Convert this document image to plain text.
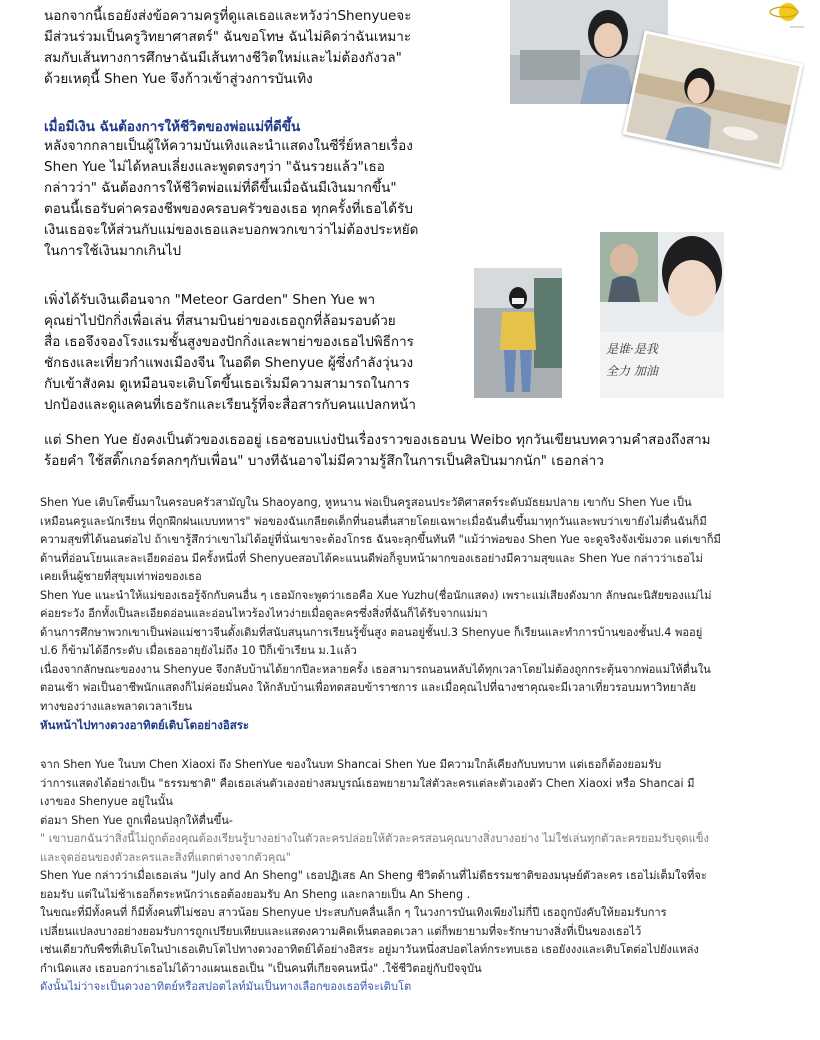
นอกจากนี้เธอยังส่งข้อความครูที่ดูแลเธอและหวังว่าShenyueจะ
มีส่วนร่วมเป็นครูวิทยาศาสตร์" ฉันขอโทษ ฉันไม่คิดว่าฉันเหมาะ
สมกับเส้นทางการศึกษาฉันมีเส้นทางชีวิตใหม่และไม่ต้องกังวล"
ด้วยเหตุนี้ Shen Yue จึงก้าวเข้าสู่วงการบันเทิง
เมื่อมีเงิน ฉันต้องการให้ชีวิตของพ่อแม่ที่ดีขึ้น
หลังจากกลายเป็นผู้ให้ความบันเทิงและนำแสดงในซีรี่ย์หลายเรื่อง
Shen Yue ไม่ได้หลบเลี่ยงและพูดตรงๆว่า "ฉันรวยแล้ว"เธอ
กล่าวว่า" ฉันต้องการให้ชีวิตพ่อแม่ที่ดีขึ้นเมื่อฉันมีเงินมากขึ้น"
ตอนนี้เธอรับค่าครองชีพของครอบครัวของเธอ ทุกครั้งที่เธอได้รับ
เงินเธอจะให้ส่วนกับแม่ของเธอและบอกพวกเขาว่าไม่ต้องประหยัด
ในการใช้เงินมากเกินไป
เพิ่งได้รับเงินเดือนจาก "Meteor Garden" Shen Yue พา
คุณย่าไปปักกิ่งเพื่อเล่น ที่สนามบินย่าของเธอถูกที่ล้อมรอบด้วย
สื่อ เธอจึงจองโรงแรมชั้นสูงของปักกิ่งและพาย่าของเธอไปพิธีการ
ชักธงและเที่ยวกำแพงเมืองจีน ในอดีต Shenyue ผู้ซึ่งกำลังวุ่นวง
กับเข้าสังคม ดูเหมือนจะเติบโตขึ้นเธอเริ่มมีความสามารถในการ
ปกป้องและดูแลคนที่เธอรักและเรียนรู้ที่จะสื่อสารกับคนแปลกหน้า
是谁·是我
全力 加油
แต่ Shen Yue ยังคงเป็นตัวของเธออยู่ เธอชอบแบ่งปันเรื่องราวของเธอบน Weibo ทุกวันเขียนบทความคำสองถึงสาม
ร้อยคำ ใช้สติ๊กเกอร์ตลกๆกับเพื่อน" บางทีฉันอาจไม่มีความรู้สึกในการเป็นศิลปินมากนัก" เธอกล่าว
Shen Yue เติบโตขึ้นมาในครอบครัวสามัญใน Shaoyang, หูหนาน พ่อเป็นครูสอนประวัติศาสตร์ระดับมัธยมปลาย เขากับ Shen Yue เป็น
เหมือนครูและนักเรียน ที่ถูกฝึกฝนแบบทหาร" พ่อของฉันเกลียดเด็กที่นอนตื่นสายโดยเฉพาะเมื่อฉันตื่นขึ้นมาทุกวันและพบว่าเขายังไม่ตื่นฉันก็มี
ความสุขที่ได้นอนต่อไป ถ้าเขารู้สึกว่าเขาไม่ได้อยู่ที่นั่นเขาจะต้องโกรธ ฉันจะลุกขึ้นทันที "แม้ว่าพ่อของ Shen Yue จะดูจริงจังเข้มงวด แต่เขาก็มี
ด้านที่อ่อนโยนและละเอียดอ่อน มีครั้งหนึ่งที่ Shenyueสอบได้คะแนนดีพ่อก็จูบหน้าผากของเธอย่างมีความสุขและ Shen Yue กล่าวว่าเธอไม่
เคยเห็นผู้ชายที่สุขุมเท่าพ่อของเธอ
Shen Yue แนะนำให้แม่ของเธอรู้จักกับคนอื่น ๆ เธอมักจะพูดว่าเธอคือ Xue Yuzhu(ชื่อนักแสดง) เพราะแม่เสียงดังมาก ลักษณะนิสัยของแม่ไม่
ค่อยระวัง อีกทั้งเป็นละเอียดอ่อนและอ่อนไหวร้องไหวง่ายเมื่อดูละครซึ่งสิ่งที่ฉันก็ได้รับจากแม่มา
ด้านการศึกษาพวกเขาเป็นพ่อแม่ชาวจีนดั้งเดิมที่สนับสนุนการเรียนรู้ขั้นสูง ตอนอยู่ชั้นป.3 Shenyue ก็เรียนและทำการบ้านของชั้นป.4 พออยู่
ป.6 ก็ข้ามได้อีกระดับ เมื่อเธออายุยังไม่ถึง 10 ปีก็เข้าเรียน ม.1แล้ว
เนื่องจากลักษณะของงาน Shenyue จึงกลับบ้านได้ยากปีละหลายครั้ง เธอสามารถนอนหลับได้ทุกเวลาโดยไม่ต้องถูกกระตุ้นจากพ่อแม่ให้ตื่นใน
ตอนเช้า พ่อเป็นอาชีพนักแสดงก็ไม่ค่อยมั่นคง ให้กลับบ้านเพื่อทดสอบข้าราชการ และเมื่อคุณไปที่ฉางชาคุณจะมีเวลาเที่ยวรอบมหาวิทยาลัย
ทางของว่างและพลาดเวลาเรียน
หันหน้าไปทางดวงอาทิตย์เติบโตอย่างอิสระ
จาก Shen Yue ในบท Chen Xiaoxi ถึง ShenYue ของในบท Shancai Shen Yue มีความใกล้เคียงกับบทบาท แต่เธอก็ต้องยอมรับ
ว่าการแสดงได้อย่างเป็น "ธรรมชาติ" คือเธอเล่นตัวเองอย่างสมบูรณ์เธอพยายามใส่ตัวละครแต่ละตัวเองตัว Chen Xiaoxi หรือ Shancai มี
เงาของ Shenyue อยู่ในนั้น
ต่อมา Shen Yue ถูกเพื่อนปลุกให้ตื่นขึ้น-
" เขาบอกฉันว่าสิ่งนี้ไม่ถูกต้องคุณต้องเรียนรู้บางอย่างในตัวละครปล่อยให้ตัวละครสอนคุณบางสิ่งบางอย่าง ไม่ใช่เล่นทุกตัวละครยอมรับจุดแข็ง
และจุดอ่อนของตัวละครและสิ่งที่แตกต่างจากตัวคุณ"
Shen Yue กล่าวว่าเมื่อเธอเล่น "July and An Sheng" เธอปฏิเสธ An Sheng ชีวิตด้านที่ไม่ดีธรรมชาติของมนุษย์ตัวละคร เธอไม่เต็มใจที่จะ
ยอมรับ แต่ในไม่ช้าเธอก็ตระหนักว่าเธอต้องยอมรับ An Sheng และกลายเป็น An Sheng .
ในขณะที่มีทั้งคนที่ ก็มีทั้งคนที่ไม่ชอบ สาวน้อย Shenyue ประสบกับคลื่นเล็ก ๆ ในวงการบันเทิงเพียงไม่กี่ปี เธอถูกบังคับให้ยอมรับการ
เปลี่ยนแปลงบางอย่างยอมรับการถูกเปรียบเทียบและแสดงความคิดเห็นตลอดเวลา แต่ก็พยายามที่จะรักษาบางสิ่งที่เป็นของเธอไว้
เช่นเดียวกับพืชที่เติบโตในป่าเธอเติบโตไปทางดวงอาทิตย์ได้อย่างอิสระ อยู่มาวันหนึ่งสปอตไลท์กระทบเธอ เธอยังงงและเติบโตต่อไปยังแหล่ง
กำเนิดแสง เธอบอกว่าเธอไม่ได้วางแผนเธอเป็น "เป็นคนที่เกียจคนหนึ่ง" .ใช้ชีวิตอยู่กับปัจจุบัน
ดังนั้นไม่ว่าจะเป็นดวงอาทิตย์หรือสปอตไลท์มันเป็นทางเลือกของเธอที่จะเติบโต
